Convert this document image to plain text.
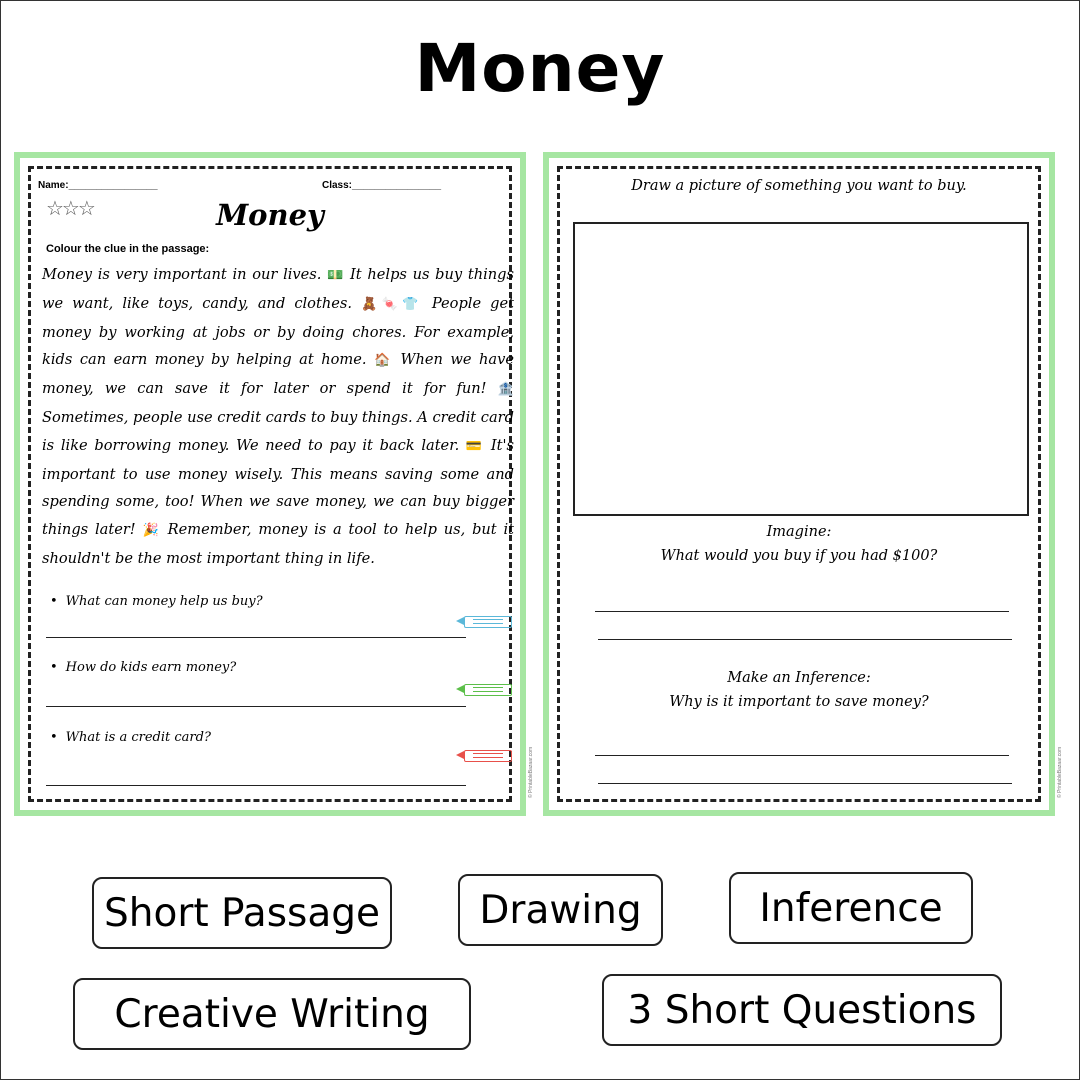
Money
Name:________________	Class:________________
☆☆☆	Money
Colour the clue in the passage:
Money is very important in our lives. 💵 It helps us buy things we want, like toys, candy, and clothes. 🧸🍬👕 People get money by working at jobs or by doing chores. For example, kids can earn money by helping at home. 🏠 When we have money, we can save it for later or spend it for fun! 🏦 Sometimes, people use credit cards to buy things. A credit card is like borrowing money. We need to pay it back later. 💳 It's important to use money wisely. This means saving some and spending some, too! When we save money, we can buy bigger things later! 🎉 Remember, money is a tool to help us, but it shouldn't be the most important thing in life.
• What can money help us buy?
• How do kids earn money?
• What is a credit card?
© PrintableBazaar.com
Draw a picture of something you want to buy.
Imagine:
What would you buy if you had $100?
Make an Inference:
Why is it important to save money?
© PrintableBazaar.com
Short Passage	Drawing	Inference
Creative Writing	3 Short Questions
